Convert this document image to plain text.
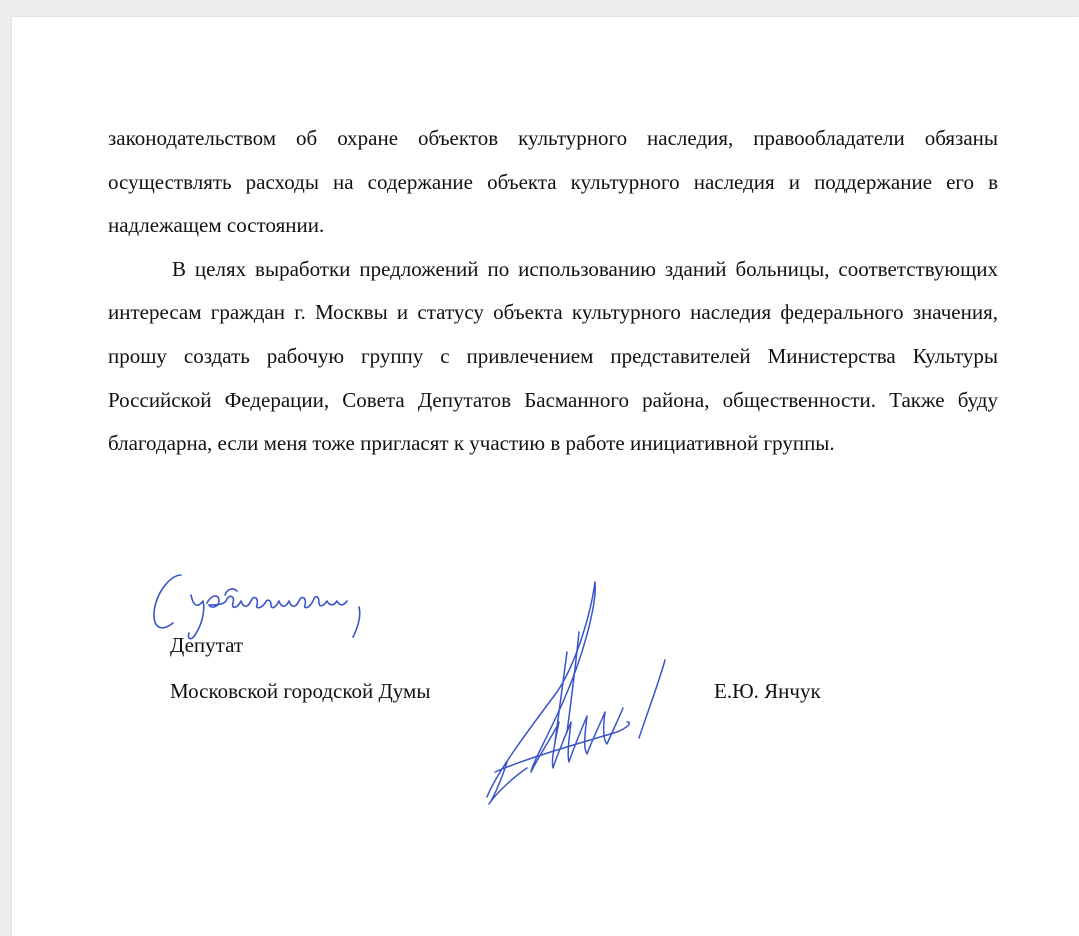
законодательством об охране объектов культурного наследия, правообладатели обязаны осуществлять расходы на содержание объекта культурного наследия и поддержание его в надлежащем состоянии.

В целях выработки предложений по использованию зданий больницы, соответствующих интересам граждан г. Москвы и статусу объекта культурного наследия федерального значения, прошу создать рабочую группу с привлечением представителей Министерства Культуры Российской Федерации, Совета Депутатов Басманного района, общественности. Также буду благодарна, если меня тоже пригласят к участию в работе инициативной группы.

Депутат
Московской городской Думы	Е.Ю. Янчук
